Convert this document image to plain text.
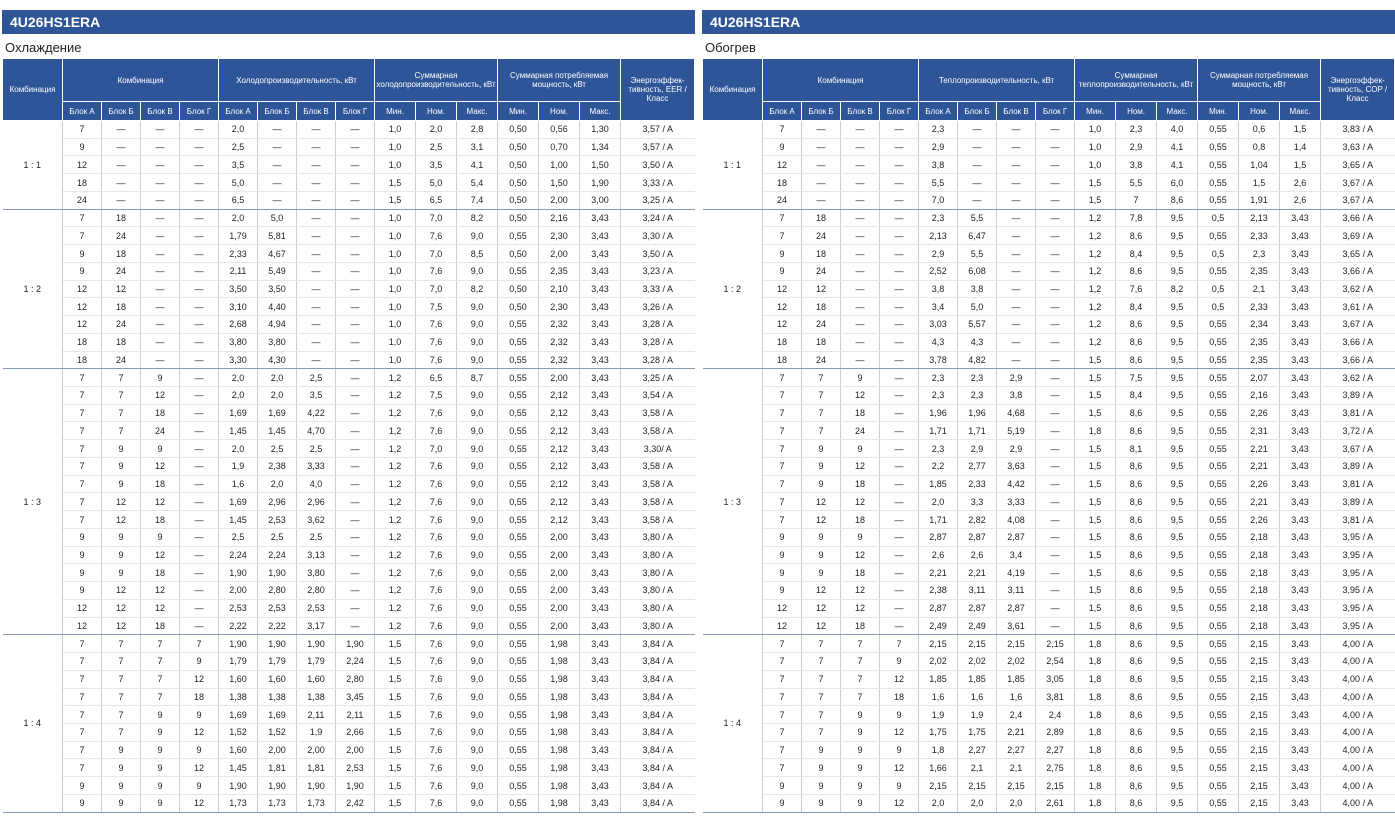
4U26HS1ERA
Охлаждение
Комбинация	Комбинация				Холодопроизводительность, кВт				Суммарная холодопроизводительность, кВт			Суммарная потребляемая мощность, кВт			Энергоэффек-тивность, EER / Класс
	Блок А	Блок Б	Блок В	Блок Г	Блок А	Блок Б	Блок В	Блок Г	Мин.	Ном.	Макс.	Мин.	Ном.	Макс.	
1 : 1	7	—	—	—	2,0	—	—	—	1,0	2,0	2,8	0,50	0,56	1,30	3,57 / A
	9	—	—	—	2,5	—	—	—	1,0	2,5	3,1	0,50	0,70	1,34	3,57 / A
	12	—	—	—	3,5	—	—	—	1,0	3,5	4,1	0,50	1,00	1,50	3,50 / A
	18	—	—	—	5,0	—	—	—	1,5	5,0	5,4	0,50	1,50	1,90	3,33 / A
	24	—	—	—	6,5	—	—	—	1,5	6,5	7,4	0,50	2,00	3,00	3,25 / A
1 : 2	7	18	—	—	2,0	5,0	—	—	1,0	7,0	8,2	0,50	2,16	3,43	3,24 / A
	7	24	—	—	1,79	5,81	—	—	1,0	7,6	9,0	0,55	2,30	3,43	3,30 / A
	9	18	—	—	2,33	4,67	—	—	1,0	7,0	8,5	0,50	2,00	3,43	3,50 / A
	9	24	—	—	2,11	5,49	—	—	1,0	7,6	9,0	0,55	2,35	3,43	3,23 / A
	12	12	—	—	3,50	3,50	—	—	1,0	7,0	8,2	0,50	2,10	3,43	3,33 / A
	12	18	—	—	3,10	4,40	—	—	1,0	7,5	9,0	0,50	2,30	3,43	3,26 / A
	12	24	—	—	2,68	4,94	—	—	1,0	7,6	9,0	0,55	2,32	3,43	3,28 / A
	18	18	—	—	3,80	3,80	—	—	1,0	7,6	9,0	0,55	2,32	3,43	3,28 / A
	18	24	—	—	3,30	4,30	—	—	1,0	7,6	9,0	0,55	2,32	3,43	3,28 / A
1 : 3	7	7	9	—	2,0	2,0	2,5	—	1,2	6,5	8,7	0,55	2,00	3,43	3,25 / A
	7	7	12	—	2,0	2,0	3,5	—	1,2	7,5	9,0	0,55	2,12	3,43	3,54 / A
	7	7	18	—	1,69	1,69	4,22	—	1,2	7,6	9,0	0,55	2,12	3,43	3,58 / A
	7	7	24	—	1,45	1,45	4,70	—	1,2	7,6	9,0	0,55	2,12	3,43	3,58 / A
	7	9	9	—	2,0	2,5	2,5	—	1,2	7,0	9,0	0,55	2,12	3,43	3,30/ A
	7	9	12	—	1,9	2,38	3,33	—	1,2	7,6	9,0	0,55	2,12	3,43	3,58 / A
	7	9	18	—	1,6	2,0	4,0	—	1,2	7,6	9,0	0,55	2,12	3,43	3,58 / A
	7	12	12	—	1,69	2,96	2,96	—	1,2	7,6	9,0	0,55	2,12	3,43	3,58 / A
	7	12	18	—	1,45	2,53	3,62	—	1,2	7,6	9,0	0,55	2,12	3,43	3,58 / A
	9	9	9	—	2,5	2,5	2,5	—	1,2	7,6	9,0	0,55	2,00	3,43	3,80 / A
	9	9	12	—	2,24	2,24	3,13	—	1,2	7,6	9,0	0,55	2,00	3,43	3,80 / A
	9	9	18	—	1,90	1,90	3,80	—	1,2	7,6	9,0	0,55	2,00	3,43	3,80 / A
	9	12	12	—	2,00	2,80	2,80	—	1,2	7,6	9,0	0,55	2,00	3,43	3,80 / A
	12	12	12	—	2,53	2,53	2,53	—	1,2	7,6	9,0	0,55	2,00	3,43	3,80 / A
	12	12	18	—	2,22	2,22	3,17	—	1,2	7,6	9,0	0,55	2,00	3,43	3,80 / A
1 : 4	7	7	7	7	1,90	1,90	1,90	1,90	1,5	7,6	9,0	0,55	1,98	3,43	3,84 / A
	7	7	7	9	1,79	1,79	1,79	2,24	1,5	7,6	9,0	0,55	1,98	3,43	3,84 / A
	7	7	7	12	1,60	1,60	1,60	2,80	1,5	7,6	9,0	0,55	1,98	3,43	3,84 / A
	7	7	7	18	1,38	1,38	1,38	3,45	1,5	7,6	9,0	0,55	1,98	3,43	3,84 / A
	7	7	9	9	1,69	1,69	2,11	2,11	1,5	7,6	9,0	0,55	1,98	3,43	3,84 / A
	7	7	9	12	1,52	1,52	1,9	2,66	1,5	7,6	9,0	0,55	1,98	3,43	3,84 / A
	7	9	9	9	1,60	2,00	2,00	2,00	1,5	7,6	9,0	0,55	1,98	3,43	3,84 / A
	7	9	9	12	1,45	1,81	1,81	2,53	1,5	7,6	9,0	0,55	1,98	3,43	3,84 / A
	9	9	9	9	1,90	1,90	1,90	1,90	1,5	7,6	9,0	0,55	1,98	3,43	3,84 / A
	9	9	9	12	1,73	1,73	1,73	2,42	1,5	7,6	9,0	0,55	1,98	3,43	3,84 / A
4U26HS1ERA
Обогрев
Комбинация	Комбинация				Теплопроизводительность, кВт				Суммарная теплопроизводительность, кВт			Суммарная потребляемая мощность, кВт			Энергоэффек-тивность, COP / Класс
	Блок А	Блок Б	Блок В	Блок Г	Блок А	Блок Б	Блок В	Блок Г	Мин.	Ном.	Макс.	Мин.	Ном.	Макс.	
1 : 1	7	—	—	—	2,3	—	—	—	1,0	2,3	4,0	0,55	0,6	1,5	3,83 / A
	9	—	—	—	2,9	—	—	—	1,0	2,9	4,1	0,55	0,8	1,4	3,63 / A
	12	—	—	—	3,8	—	—	—	1,0	3,8	4,1	0,55	1,04	1,5	3,65 / A
	18	—	—	—	5,5	—	—	—	1,5	5,5	6,0	0,55	1,5	2,6	3,67 / A
	24	—	—	—	7,0	—	—	—	1,5	7	8,6	0,55	1,91	2,6	3,67 / A
1 : 2	7	18	—	—	2,3	5,5	—	—	1,2	7,8	9,5	0,5	2,13	3,43	3,66 / A
	7	24	—	—	2,13	6,47	—	—	1,2	8,6	9,5	0,55	2,33	3,43	3,69 / A
	9	18	—	—	2,9	5,5	—	—	1,2	8,4	9,5	0,5	2,3	3,43	3,65 / A
	9	24	—	—	2,52	6,08	—	—	1,2	8,6	9,5	0,55	2,35	3,43	3,66 / A
	12	12	—	—	3,8	3,8	—	—	1,2	7,6	8,2	0,5	2,1	3,43	3,62 / A
	12	18	—	—	3,4	5,0	—	—	1,2	8,4	9,5	0,5	2,33	3,43	3,61 / A
	12	24	—	—	3,03	5,57	—	—	1,2	8,6	9,5	0,55	2,34	3,43	3,67 / A
	18	18	—	—	4,3	4,3	—	—	1,2	8,6	9,5	0,55	2,35	3,43	3,66 / A
	18	24	—	—	3,78	4,82	—	—	1,5	8,6	9,5	0,55	2,35	3,43	3,66 / A
1 : 3	7	7	9	—	2,3	2,3	2,9	—	1,5	7,5	9,5	0,55	2,07	3,43	3,62 / A
	7	7	12	—	2,3	2,3	3,8	—	1,5	8,4	9,5	0,55	2,16	3,43	3,89 / A
	7	7	18	—	1,96	1,96	4,68	—	1,5	8,6	9,5	0,55	2,26	3,43	3,81 / A
	7	7	24	—	1,71	1,71	5,19	—	1,8	8,6	9,5	0,55	2,31	3,43	3,72 / A
	7	9	9	—	2,3	2,9	2,9	—	1,5	8,1	9,5	0,55	2,21	3,43	3,67 / A
	7	9	12	—	2,2	2,77	3,63	—	1,5	8,6	9,5	0,55	2,21	3,43	3,89 / A
	7	9	18	—	1,85	2,33	4,42	—	1,5	8,6	9,5	0,55	2,26	3,43	3,81 / A
	7	12	12	—	2,0	3,3	3,33	—	1,5	8,6	9,5	0,55	2,21	3,43	3,89 / A
	7	12	18	—	1,71	2,82	4,08	—	1,5	8,6	9,5	0,55	2,26	3,43	3,81 / A
	9	9	9	—	2,87	2,87	2,87	—	1,5	8,6	9,5	0,55	2,18	3,43	3,95 / A
	9	9	12	—	2,6	2,6	3,4	—	1,5	8,6	9,5	0,55	2,18	3,43	3,95 / A
	9	9	18	—	2,21	2,21	4,19	—	1,5	8,6	9,5	0,55	2,18	3,43	3,95 / A
	9	12	12	—	2,38	3,11	3,11	—	1,5	8,6	9,5	0,55	2,18	3,43	3,95 / A
	12	12	12	—	2,87	2,87	2,87	—	1,5	8,6	9,5	0,55	2,18	3,43	3,95 / A
	12	12	18	—	2,49	2,49	3,61	—	1,5	8,6	9,5	0,55	2,18	3,43	3,95 / A
1 : 4	7	7	7	7	2,15	2,15	2,15	2,15	1,8	8,6	9,5	0,55	2,15	3,43	4,00 / A
	7	7	7	9	2,02	2,02	2,02	2,54	1,8	8,6	9,5	0,55	2,15	3,43	4,00 / A
	7	7	7	12	1,85	1,85	1,85	3,05	1,8	8,6	9,5	0,55	2,15	3,43	4,00 / A
	7	7	7	18	1,6	1,6	1,6	3,81	1,8	8,6	9,5	0,55	2,15	3,43	4,00 / A
	7	7	9	9	1,9	1,9	2,4	2,4	1,8	8,6	9,5	0,55	2,15	3,43	4,00 / A
	7	7	9	12	1,75	1,75	2,21	2,89	1,8	8,6	9,5	0,55	2,15	3,43	4,00 / A
	7	9	9	9	1,8	2,27	2,27	2,27	1,8	8,6	9,5	0,55	2,15	3,43	4,00 / A
	7	9	9	12	1,66	2,1	2,1	2,75	1,8	8,6	9,5	0,55	2,15	3,43	4,00 / A
	9	9	9	9	2,15	2,15	2,15	2,15	1,8	8,6	9,5	0,55	2,15	3,43	4,00 / A
	9	9	9	12	2,0	2,0	2,0	2,61	1,8	8,6	9,5	0,55	2,15	3,43	4,00 / A
